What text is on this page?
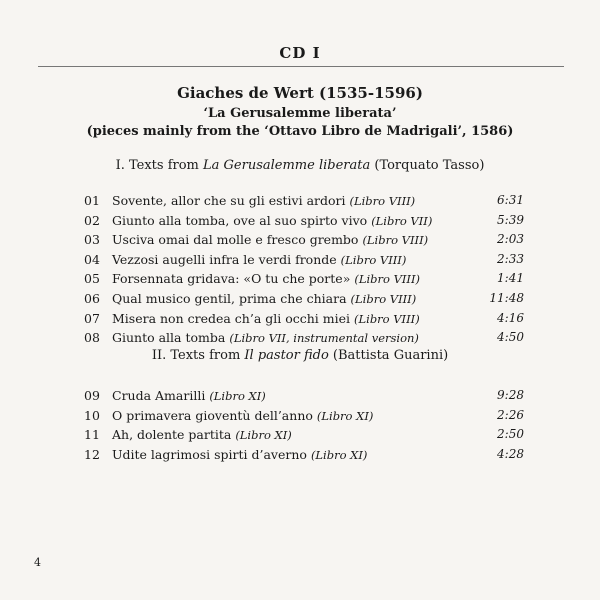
CD I
Giaches de Wert (1535-1596)
‘La Gerusalemme liberata’
(pieces mainly from the ‘Ottavo Libro de Madrigali’, 1586)
I. Texts from La Gerusalemme liberata (Torquato Tasso)
01 Sovente, allor che su gli estivi ardori (Libro VIII)	6:31
02 Giunto alla tomba, ove al suo spirto vivo (Libro VII)	5:39
03 Usciva omai dal molle e fresco grembo (Libro VIII)	2:03
04 Vezzosi augelli infra le verdi fronde (Libro VIII)	2:33
05 Forsennata gridava: «O tu che porte» (Libro VIII)	1:41
06 Qual musico gentil, prima che chiara (Libro VIII)	11:48
07 Misera non credea ch’a gli occhi miei (Libro VIII)	4:16
08 Giunto alla tomba (Libro VII, instrumental version)	4:50
II. Texts from Il pastor fido (Battista Guarini)
09 Cruda Amarilli (Libro XI)	9:28
10 O primavera gioventù dell’anno (Libro XI)	2:26
11 Ah, dolente partita (Libro XI)	2:50
12 Udite lagrimosi spirti d’averno (Libro XI)	4:28
4
